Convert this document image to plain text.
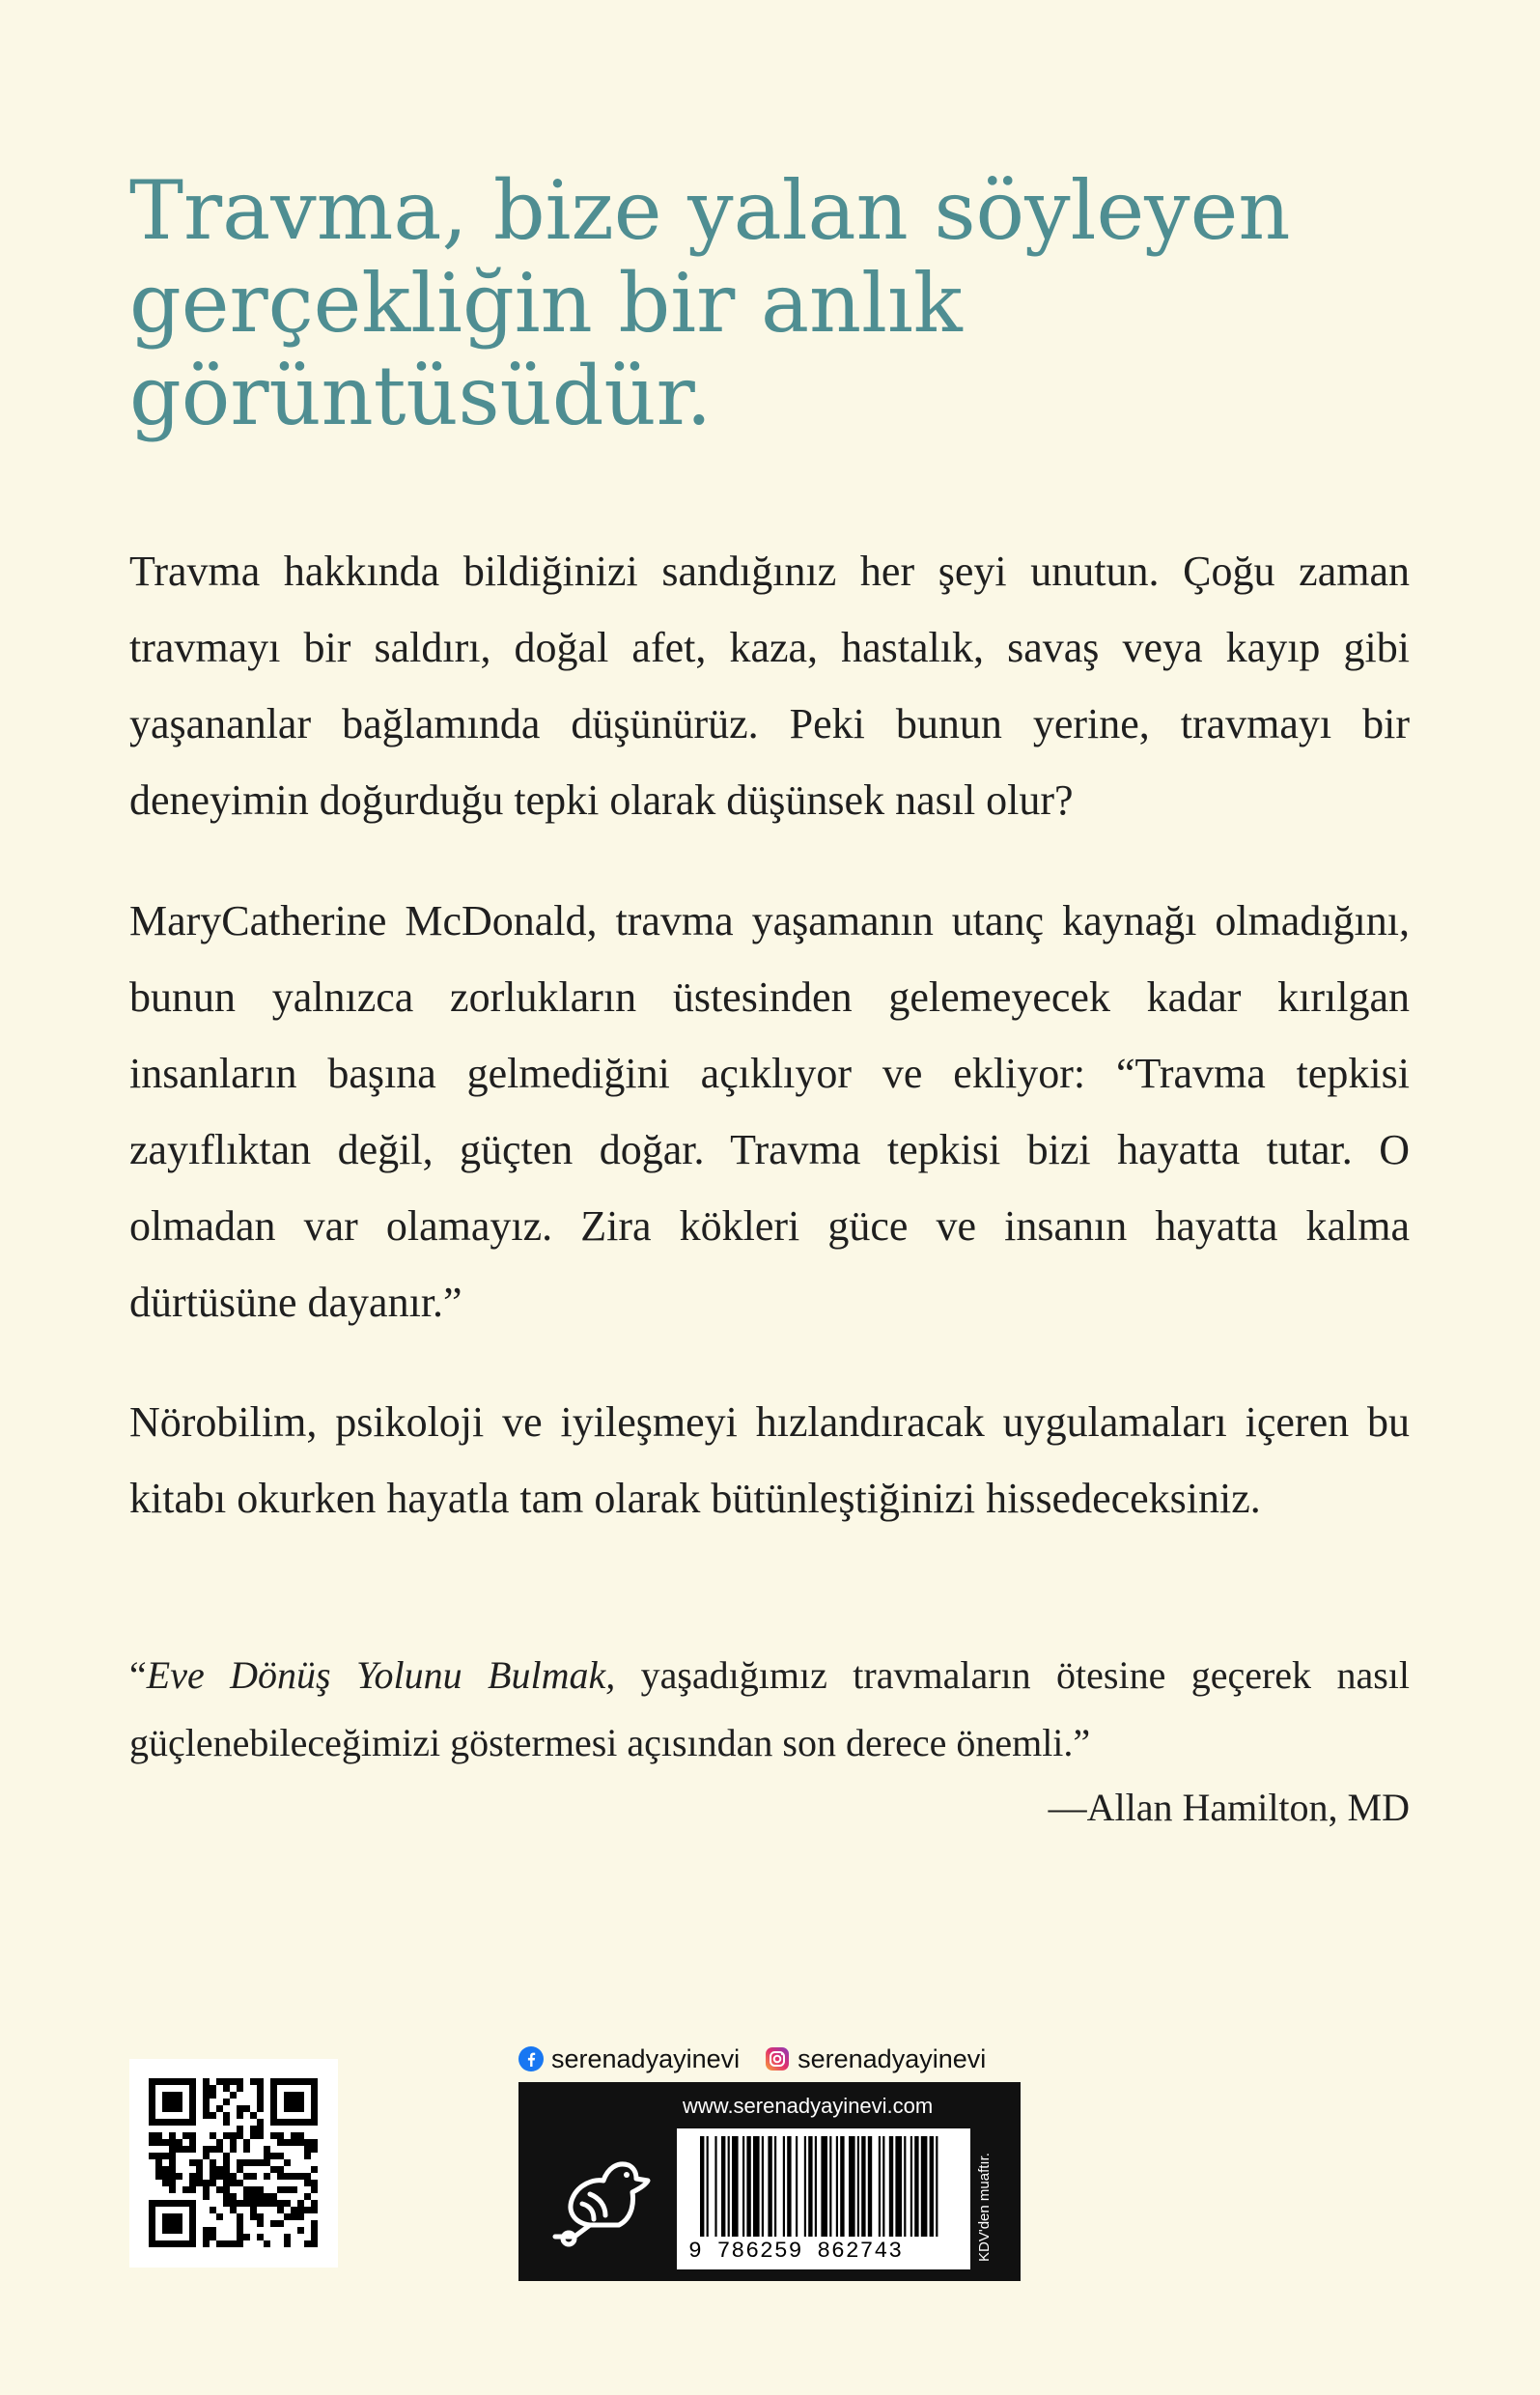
Travma, bize yalan söyleyen
gerçekliğin bir anlık
görüntüsüdür.

Travma hakkında bildiğinizi sandığınız her şeyi unutun. Çoğu zaman travmayı bir saldırı, doğal afet, kaza, hastalık, savaş veya kayıp gibi yaşananlar bağlamında düşünürüz. Peki bunun yerine, travmayı bir deneyimin doğurduğu tepki olarak düşünsek nasıl olur?

MaryCatherine McDonald, travma yaşamanın utanç kaynağı olmadığını, bunun yalnızca zorlukların üstesinden gelemeyecek kadar kırılgan insanların başına gelmediğini açıklıyor ve ekliyor: “Travma tepkisi zayıflıktan değil, güçten doğar. Travma tepkisi bizi hayatta tutar. O olmadan var olamayız. Zira kökleri güce ve insanın hayatta kalma dürtüsüne dayanır.”

Nörobilim, psikoloji ve iyileşmeyi hızlandıracak uygulamaları içeren bu kitabı okurken hayatla tam olarak bütünleştiğinizi hissedeceksiniz.

“Eve Dönüş Yolunu Bulmak, yaşadığımız travmaların ötesine geçerek nasıl güçlenebileceğimizi göstermesi açısından son derece önemli.”

—Allan Hamilton, MD

serenadyayinevi serenadyayinevi
www.serenadyayinevi.com
9 786259 862743	KDV'den muaftır.
